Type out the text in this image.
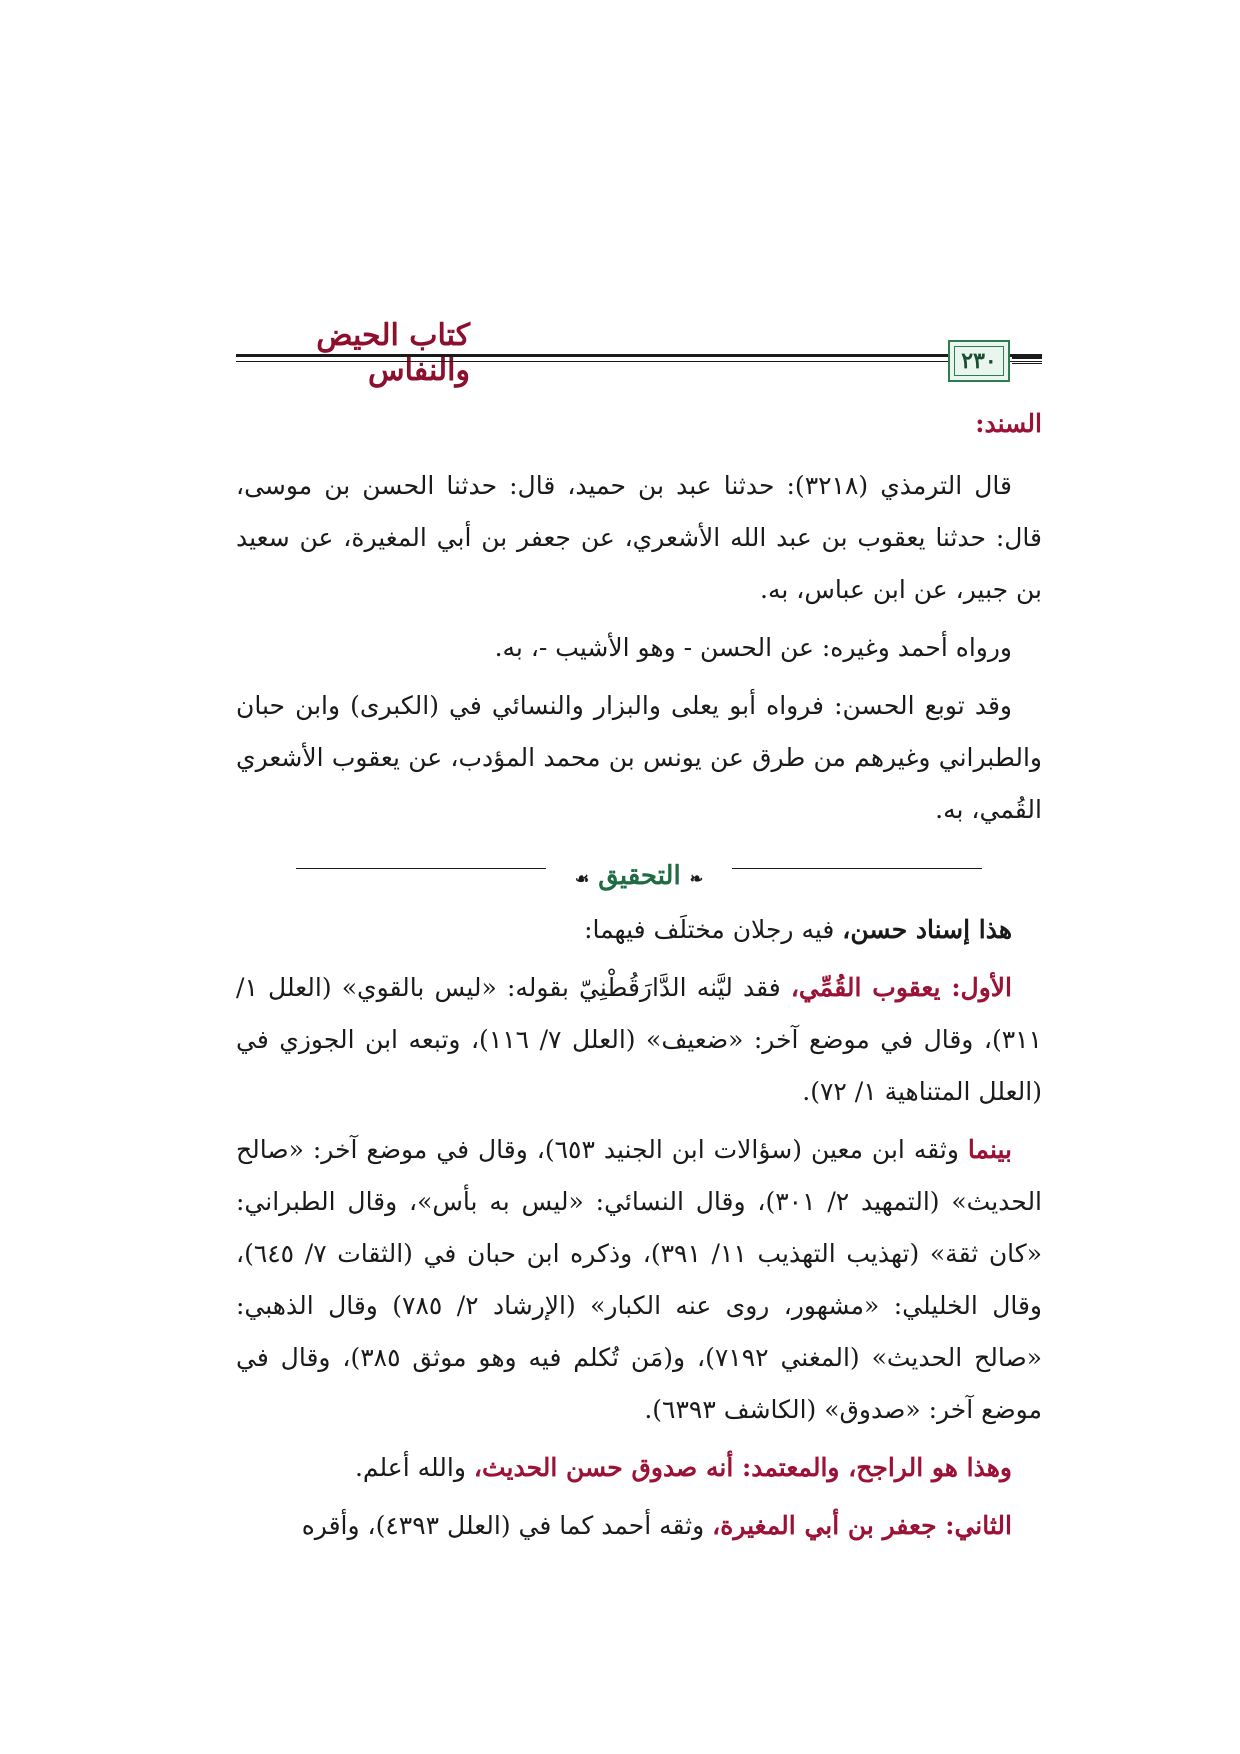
كتاب الحيض والنفاس	٢٣٠
السند:

قال الترمذي (٣٢١٨): حدثنا عبد بن حميد، قال: حدثنا الحسن بن موسى، قال: حدثنا يعقوب بن عبد الله الأشعري، عن جعفر بن أبي المغيرة، عن سعيد بن جبير، عن ابن عباس، به.

ورواه أحمد وغيره: عن الحسن - وهو الأشيب -، به.

وقد توبع الحسن: فرواه أبو يعلى والبزار والنسائي في (الكبرى) وابن حبان والطبراني وغيرهم من طرق عن يونس بن محمد المؤدب، عن يعقوب الأشعري القُمي، به.

❧ التحقيق ☙

هذا إسناد حسن، فيه رجلان مختلَف فيهما:

الأول: يعقوب القُمِّي، فقد ليَّنه الدَّارَقُطْنِيّ بقوله: «ليس بالقوي» (العلل ١/ ٣١١)، وقال في موضع آخر: «ضعيف» (العلل ٧/ ١١٦)، وتبعه ابن الجوزي في (العلل المتناهية ١/ ٧٢).

بينما وثقه ابن معين (سؤالات ابن الجنيد ٦٥٣)، وقال في موضع آخر: «صالح الحديث» (التمهيد ٢/ ٣٠١)، وقال النسائي: «ليس به بأس»، وقال الطبراني: «كان ثقة» (تهذيب التهذيب ١١/ ٣٩١)، وذكره ابن حبان في (الثقات ٧/ ٦٤٥)، وقال الخليلي: «مشهور، روى عنه الكبار» (الإرشاد ٢/ ٧٨٥) وقال الذهبي: «صالح الحديث» (المغني ٧١٩٢)، و(مَن تُكلم فيه وهو موثق ٣٨٥)، وقال في موضع آخر: «صدوق» (الكاشف ٦٣٩٣).

وهذا هو الراجح، والمعتمد: أنه صدوق حسن الحديث، والله أعلم.

الثاني: جعفر بن أبي المغيرة، وثقه أحمد كما في (العلل ٤٣٩٣)، وأقره
